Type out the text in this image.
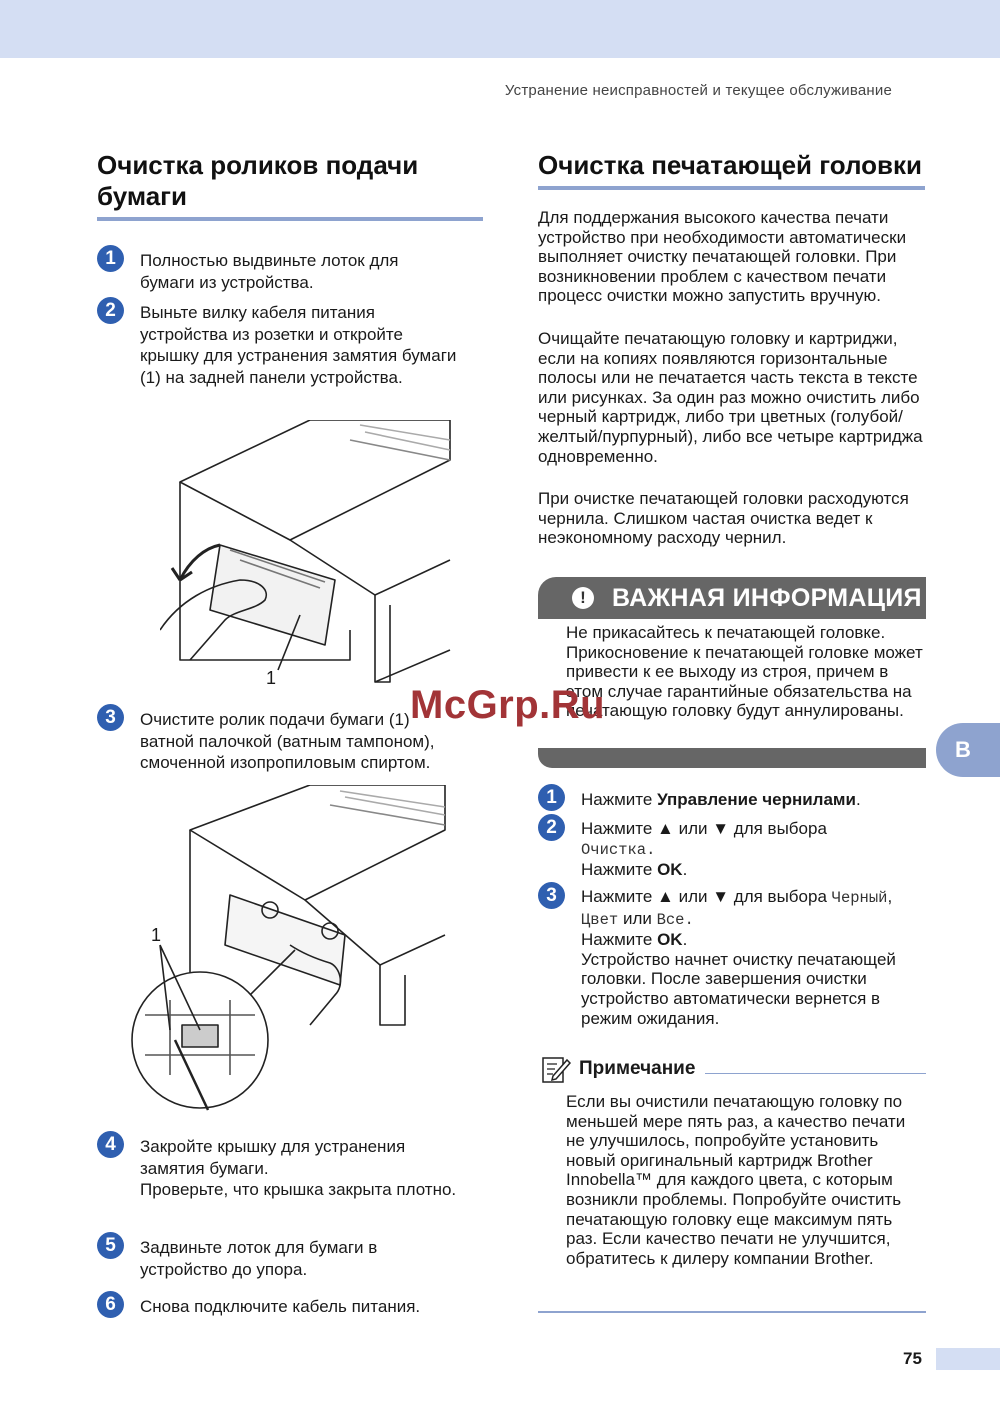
Устранение неисправностей и текущее обслуживание
Очистка роликов подачи бумаги
1	Полностью выдвиньте лоток для бумаги из устройства.

2	Выньте вилку кабеля питания устройства из розетки и откройте крышку для устранения замятия бумаги (1) на задней панели устройства.

1
3	Очистите ролик подачи бумаги (1) ватной палочкой (ватным тампоном), смоченной изопропиловым спиртом.

1
4	Закройте крышку для устранения замятия бумаги.

Проверьте, что крышка закрыта плотно.

5	Задвиньте лоток для бумаги в устройство до упора.

6	Снова подключите кабель питания.

Очистка печатающей головки

Для поддержания высокого качества печати устройство при необходимости автоматически выполняет очистку печатающей головки. При возникновении проблем с качеством печати процесс очистки можно запустить вручную.

Очищайте печатающую головку и картриджи, если на копиях появляются горизонтальные полосы или не печатается часть текста в тексте или рисунках. За один раз можно очистить либо черный картридж, либо три цветных (голубой/желтый/пурпурный), либо все четыре картриджа одновременно.

При очистке печатающей головки расходуются чернила. Слишком частая очистка ведет к неэкономному расходу чернил.

!	ВАЖНАЯ ИНФОРМАЦИЯ
Не прикасайтесь к печатающей головке. Прикосновение к печатающей головке может привести к ее выходу из строя, причем в этом случае гарантийные обязательства на печатающую головку будут аннулированы.
1	Нажмите Управление чернилами.

2	Нажмите ▲ или ▼ для выбора

Очистка.

Нажмите OK.

3	Нажмите ▲ или ▼ для выбора Черный,

Цвет или Все.

Нажмите OK.

Устройство начнет очистку печатающей головки. После завершения очистки устройство автоматически вернется в режим ожидания.

Примечание
Если вы очистили печатающую головку по меньшей мере пять раз, а качество печати не улучшилось, попробуйте установить новый оригинальный картридж Brother Innobella™ для каждого цвета, с которым возникли проблемы. Попробуйте очистить печатающую головку еще максимум пять раз. Если качество печати не улучшится, обратитесь к дилеру компании Brother.
B
McGrp.Ru
75
